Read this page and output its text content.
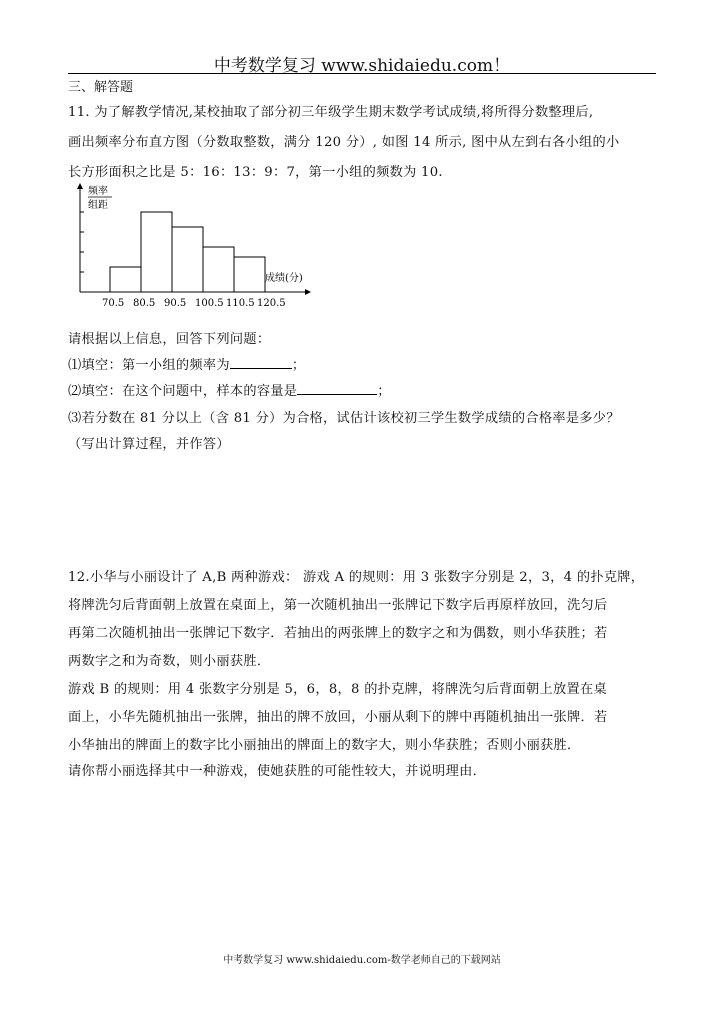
中考数学复习 www.shidaiedu.com！
三、解答题
11. 为了解教学情况,某校抽取了部分初三年级学生期末数学考试成绩,将所得分数整理后,
画出频率分布直方图（分数取整数，满分 120 分）, 如图 14 所示, 图中从左到右各小组的小
长方形面积之比是 5：16：13：9：7，第一小组的频数为 10.
频率
组距
成绩(分)
70.5 80.5 90.5 100.5 110.5 120.5
请根据以上信息，回答下列问题：
⑴填空：第一小组的频率为	；
⑵填空：在这个问题中，样本的容量是	；
⑶若分数在 81 分以上（含 81 分）为合格，试估计该校初三学生数学成绩的合格率是多少？
（写出计算过程，并作答）
12.小华与小丽设计了 A,B 两种游戏： 游戏 A 的规则：用 3 张数字分别是 2，3，4 的扑克牌，
将牌洗匀后背面朝上放置在桌面上，第一次随机抽出一张牌记下数字后再原样放回，洗匀后
再第二次随机抽出一张牌记下数字．若抽出的两张牌上的数字之和为偶数，则小华获胜；若
两数字之和为奇数，则小丽获胜．
游戏 B 的规则：用 4 张数字分别是 5，6，8，8 的扑克牌，将牌洗匀后背面朝上放置在桌
面上，小华先随机抽出一张牌，抽出的牌不放回，小丽从剩下的牌中再随机抽出一张牌．若
小华抽出的牌面上的数字比小丽抽出的牌面上的数字大，则小华获胜；否则小丽获胜．
请你帮小丽选择其中一种游戏，使她获胜的可能性较大，并说明理由．
中考数学复习 www.shidaiedu.com-数学老师自己的下载网站
